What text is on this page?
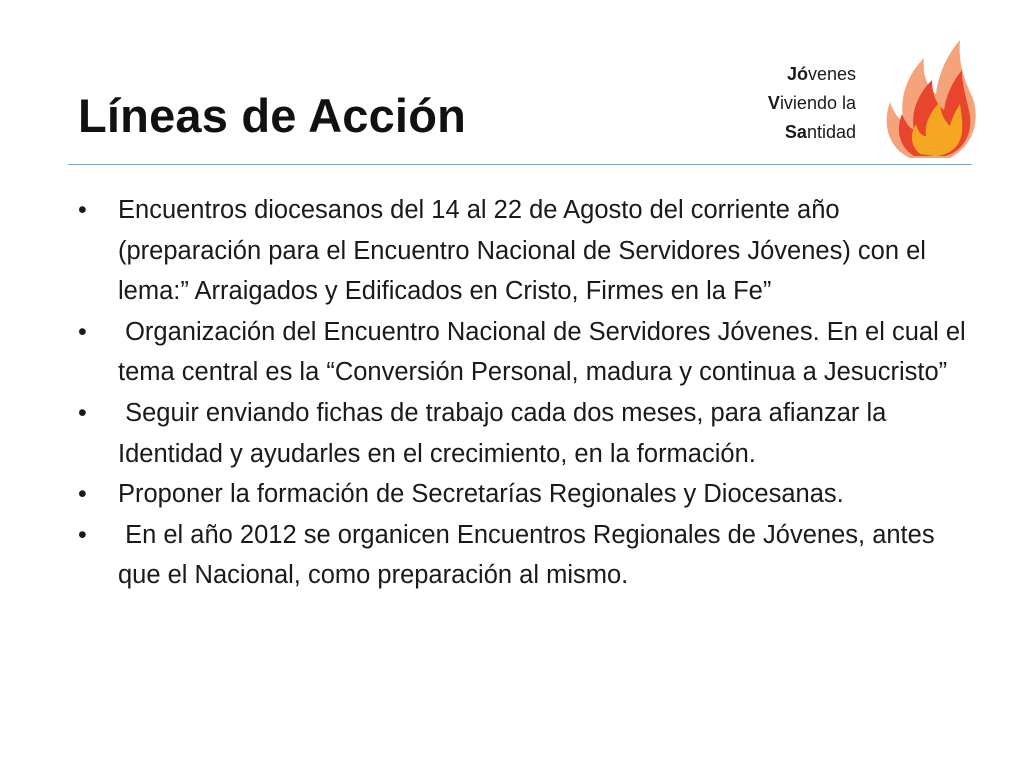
Líneas de Acción
Jóvenes
Viviendo la
Santidad
• Encuentros diocesanos del 14 al 22 de Agosto del corriente año (preparación para el Encuentro Nacional de Servidores Jóvenes) con el lema:” Arraigados y Edificados en Cristo, Firmes en la Fe”
• Organización del Encuentro Nacional de Servidores Jóvenes. En el cual el tema central es la “Conversión Personal, madura y continua a Jesucristo”
• Seguir enviando fichas de trabajo cada dos meses, para afianzar la Identidad y ayudarles en el crecimiento, en la formación.
• Proponer la formación de Secretarías Regionales y Diocesanas.
• En el año 2012 se organicen Encuentros Regionales de Jóvenes, antes que el Nacional, como preparación al mismo.
